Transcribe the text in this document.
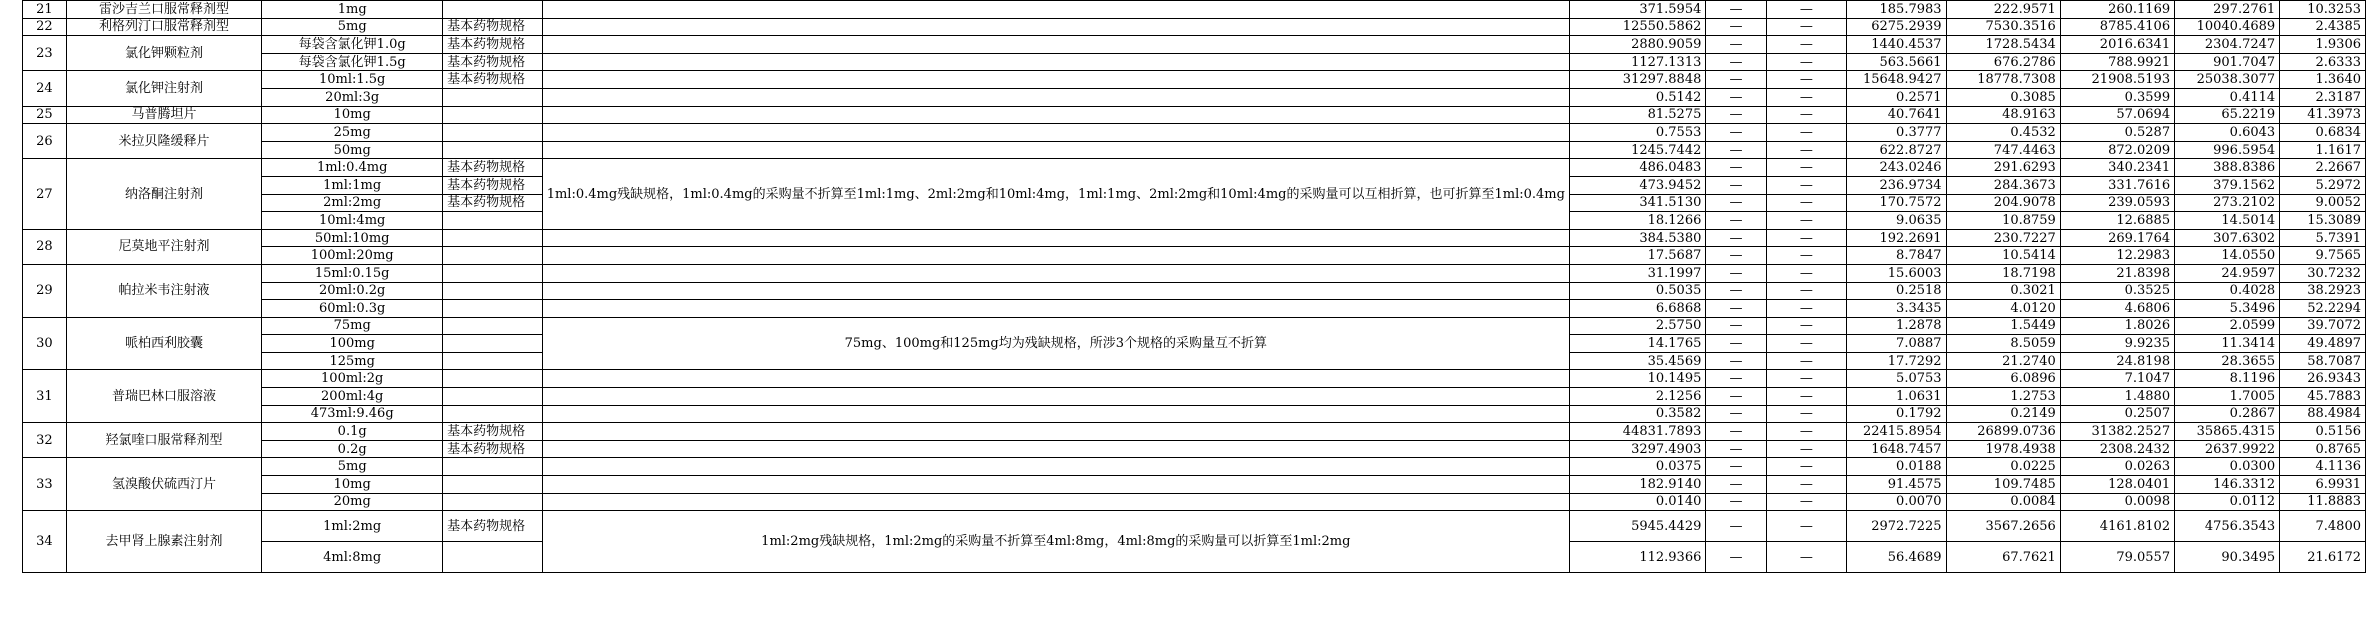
21	雷沙吉兰口服常释剂型	1mg			371.5954	—	—	185.7983	222.9571	260.1169	297.2761	10.3253
22	利格列汀口服常释剂型	5mg	基本药物规格		12550.5862	—	—	6275.2939	7530.3516	8785.4106	10040.4689	2.4385
23	氯化钾颗粒剂	每袋含氯化钾1.0g	基本药物规格		2880.9059	—	—	1440.4537	1728.5434	2016.6341	2304.7247	1.9306
		每袋含氯化钾1.5g	基本药物规格		1127.1313	—	—	563.5661	676.2786	788.9921	901.7047	2.6333
24	氯化钾注射剂	10ml:1.5g	基本药物规格		31297.8848	—	—	15648.9427	18778.7308	21908.5193	25038.3077	1.3640
		20ml:3g			0.5142	—	—	0.2571	0.3085	0.3599	0.4114	2.3187
25	马普腾坦片	10mg			81.5275	—	—	40.7641	48.9163	57.0694	65.2219	41.3973
26	米拉贝隆缓释片	25mg			0.7553	—	—	0.3777	0.4532	0.5287	0.6043	0.6834
		50mg			1245.7442	—	—	622.8727	747.4463	872.0209	996.5954	1.1617
27	纳洛酮注射剂	1ml:0.4mg	基本药物规格	1ml:0.4mg残缺规格，1ml:0.4mg的采购量不折算至1ml:1mg、2ml:2mg和10ml:4mg，1ml:1mg、2ml:2mg和10ml:4mg的采购量可以互相折算，也可折算至1ml:0.4mg	486.0483	—	—	243.0246	291.6293	340.2341	388.8386	2.2667
		1ml:1mg	基本药物规格		473.9452	—	—	236.9734	284.3673	331.7616	379.1562	5.2972
		2ml:2mg	基本药物规格		341.5130	—	—	170.7572	204.9078	239.0593	273.2102	9.0052
		10ml:4mg			18.1266	—	—	9.0635	10.8759	12.6885	14.5014	15.3089
28	尼莫地平注射剂	50ml:10mg			384.5380	—	—	192.2691	230.7227	269.1764	307.6302	5.7391
		100ml:20mg			17.5687	—	—	8.7847	10.5414	12.2983	14.0550	9.7565
29	帕拉米韦注射液	15ml:0.15g			31.1997	—	—	15.6003	18.7198	21.8398	24.9597	30.7232
		20ml:0.2g			0.5035	—	—	0.2518	0.3021	0.3525	0.4028	38.2923
		60ml:0.3g			6.6868	—	—	3.3435	4.0120	4.6806	5.3496	52.2294
30	哌柏西利胶囊	75mg		75mg、100mg和125mg均为残缺规格，所涉3个规格的采购量互不折算	2.5750	—	—	1.2878	1.5449	1.8026	2.0599	39.7072
		100mg			14.1765	—	—	7.0887	8.5059	9.9235	11.3414	49.4897
		125mg			35.4569	—	—	17.7292	21.2740	24.8198	28.3655	58.7087
31	普瑞巴林口服溶液	100ml:2g			10.1495	—	—	5.0753	6.0896	7.1047	8.1196	26.9343
		200ml:4g			2.1256	—	—	1.0631	1.2753	1.4880	1.7005	45.7883
		473ml:9.46g			0.3582	—	—	0.1792	0.2149	0.2507	0.2867	88.4984
32	羟氯喹口服常释剂型	0.1g	基本药物规格		44831.7893	—	—	22415.8954	26899.0736	31382.2527	35865.4315	0.5156
		0.2g	基本药物规格		3297.4903	—	—	1648.7457	1978.4938	2308.2432	2637.9922	0.8765
33	氢溴酸伏硫西汀片	5mg			0.0375	—	—	0.0188	0.0225	0.0263	0.0300	4.1136
		10mg			182.9140	—	—	91.4575	109.7485	128.0401	146.3312	6.9931
		20mg			0.0140	—	—	0.0070	0.0084	0.0098	0.0112	11.8883
34	去甲肾上腺素注射剂	1ml:2mg	基本药物规格	1ml:2mg残缺规格，1ml:2mg的采购量不折算至4ml:8mg，4ml:8mg的采购量可以折算至1ml:2mg	5945.4429	—	—	2972.7225	3567.2656	4161.8102	4756.3543	7.4800
		4ml:8mg			112.9366	—	—	56.4689	67.7621	79.0557	90.3495	21.6172
